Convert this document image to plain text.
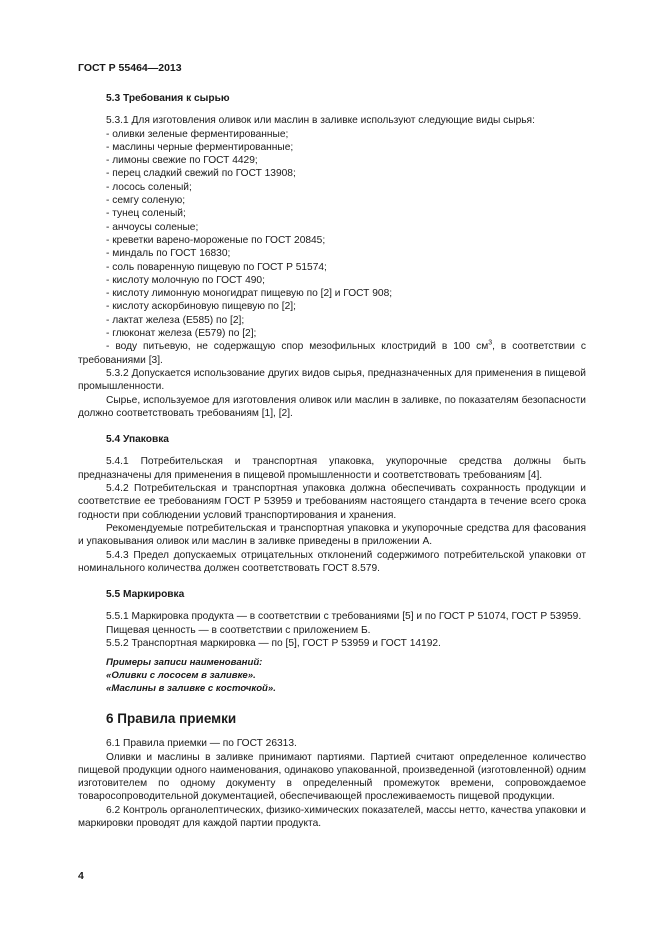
ГОСТ Р 55464—2013
5.3 Требования к сырью

5.3.1 Для изготовления оливок или маслин в заливке используют следующие виды сырья:

- оливки зеленые ферментированные;
- маслины черные ферментированные;
- лимоны свежие по ГОСТ 4429;
- перец сладкий свежий по ГОСТ 13908;
- лосось соленый;
- семгу соленую;
- тунец соленый;
- анчоусы соленые;
- креветки варено-мороженые по ГОСТ 20845;
- миндаль по ГОСТ 16830;
- соль поваренную пищевую по ГОСТ Р 51574;
- кислоту молочную по ГОСТ 490;
- кислоту лимонную моногидрат пищевую по [2] и ГОСТ 908;
- кислоту аскорбиновую пищевую по [2];
- лактат железа (Е585) по [2];
- глюконат железа (Е579) по [2];

- воду питьевую, не содержащую спор мезофильных клостридий в 100 $см^3$, в соответствии с требованиями [3].

5.3.2 Допускается использование других видов сырья, предназначенных для применения в пищевой промышленности.

Сырье, используемое для изготовления оливок или маслин в заливке, по показателям безопасности должно соответствовать требованиям [1], [2].

5.4 Упаковка

5.4.1 Потребительская и транспортная упаковка, укупорочные средства должны быть предназначены для применения в пищевой промышленности и соответствовать требованиям [4].

5.4.2 Потребительская и транспортная упаковка должна обеспечивать сохранность продукции и соответствие ее требованиям ГОСТ Р 53959 и требованиям настоящего стандарта в течение всего срока годности при соблюдении условий транспортирования и хранения.

Рекомендуемые потребительская и транспортная упаковка и укупорочные средства для фасования и упаковывания оливок или маслин в заливке приведены в приложении А.

5.4.3 Предел допускаемых отрицательных отклонений содержимого потребительской упаковки от номинального количества должен соответствовать ГОСТ 8.579.

5.5 Маркировка

5.5.1 Маркировка продукта — в соответствии с требованиями [5] и по ГОСТ Р 51074, ГОСТ Р 53959.

Пищевая ценность — в соответствии с приложением Б.

5.5.2 Транспортная маркировка — по [5], ГОСТ Р 53959 и ГОСТ 14192.

Примеры записи наименований:
«Оливки с лососем в заливке».
«Маслины в заливке с косточкой».
6 Правила приемки

6.1 Правила приемки — по ГОСТ 26313.

Оливки и маслины в заливке принимают партиями. Партией считают определенное количество пищевой продукции одного наименования, одинаково упакованной, произведенной (изготовленной) одним изготовителем по одному документу в определенный промежуток времени, сопровождаемое товаросопроводительной документацией, обеспечивающей прослеживаемость пищевой продукции.

6.2 Контроль органолептических, физико-химических показателей, массы нетто, качества упаковки и маркировки проводят для каждой партии продукта.

4
